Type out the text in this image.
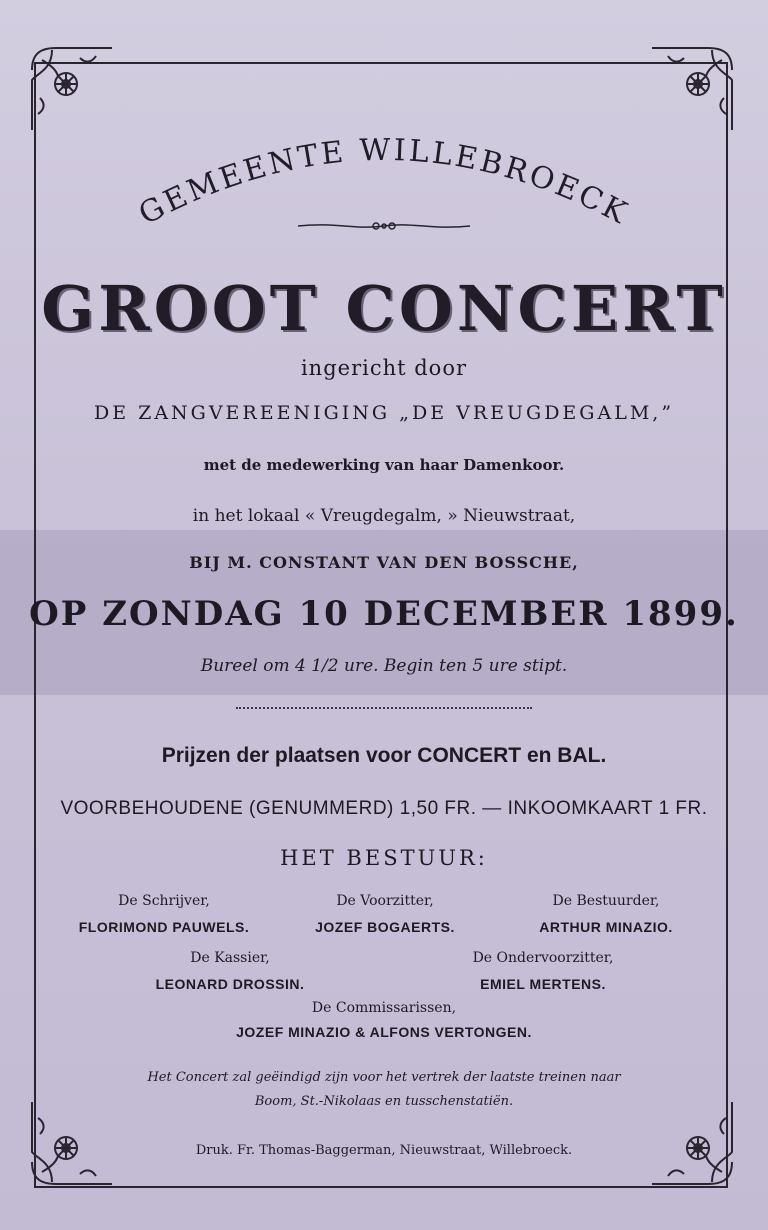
GEMEENTE WILLEBROECK
GROOT CONCERT
ingericht door
DE ZANGVEREENIGING „DE VREUGDEGALM,”
met de medewerking van haar Damenkoor.
in het lokaal « Vreugdegalm, » Nieuwstraat,
BIJ M. CONSTANT VAN DEN BOSSCHE,
OP ZONDAG 10 DECEMBER 1899.
Bureel om 4 1/2 ure. Begin ten 5 ure stipt.
Prijzen der plaatsen voor CONCERT en BAL.
VOORBEHOUDENE (GENUMMERD) 1,50 FR. — INKOOMKAART 1 FR.
HET BESTUUR:
De Schrijver,
FLORIMOND PAUWELS.
De Voorzitter,
JOZEF BOGAERTS.
De Bestuurder,
ARTHUR MINAZIO.
De Kassier,
LEONARD DROSSIN.
De Ondervoorzitter,
EMIEL MERTENS.
De Commissarissen,
JOZEF MINAZIO & ALFONS VERTONGEN.
Het Concert zal geëindigd zijn voor het vertrek der laatste treinen naar
Boom, St.-Nikolaas en tusschenstatiën.
Druk. Fr. Thomas-Baggerman, Nieuwstraat, Willebroeck.
